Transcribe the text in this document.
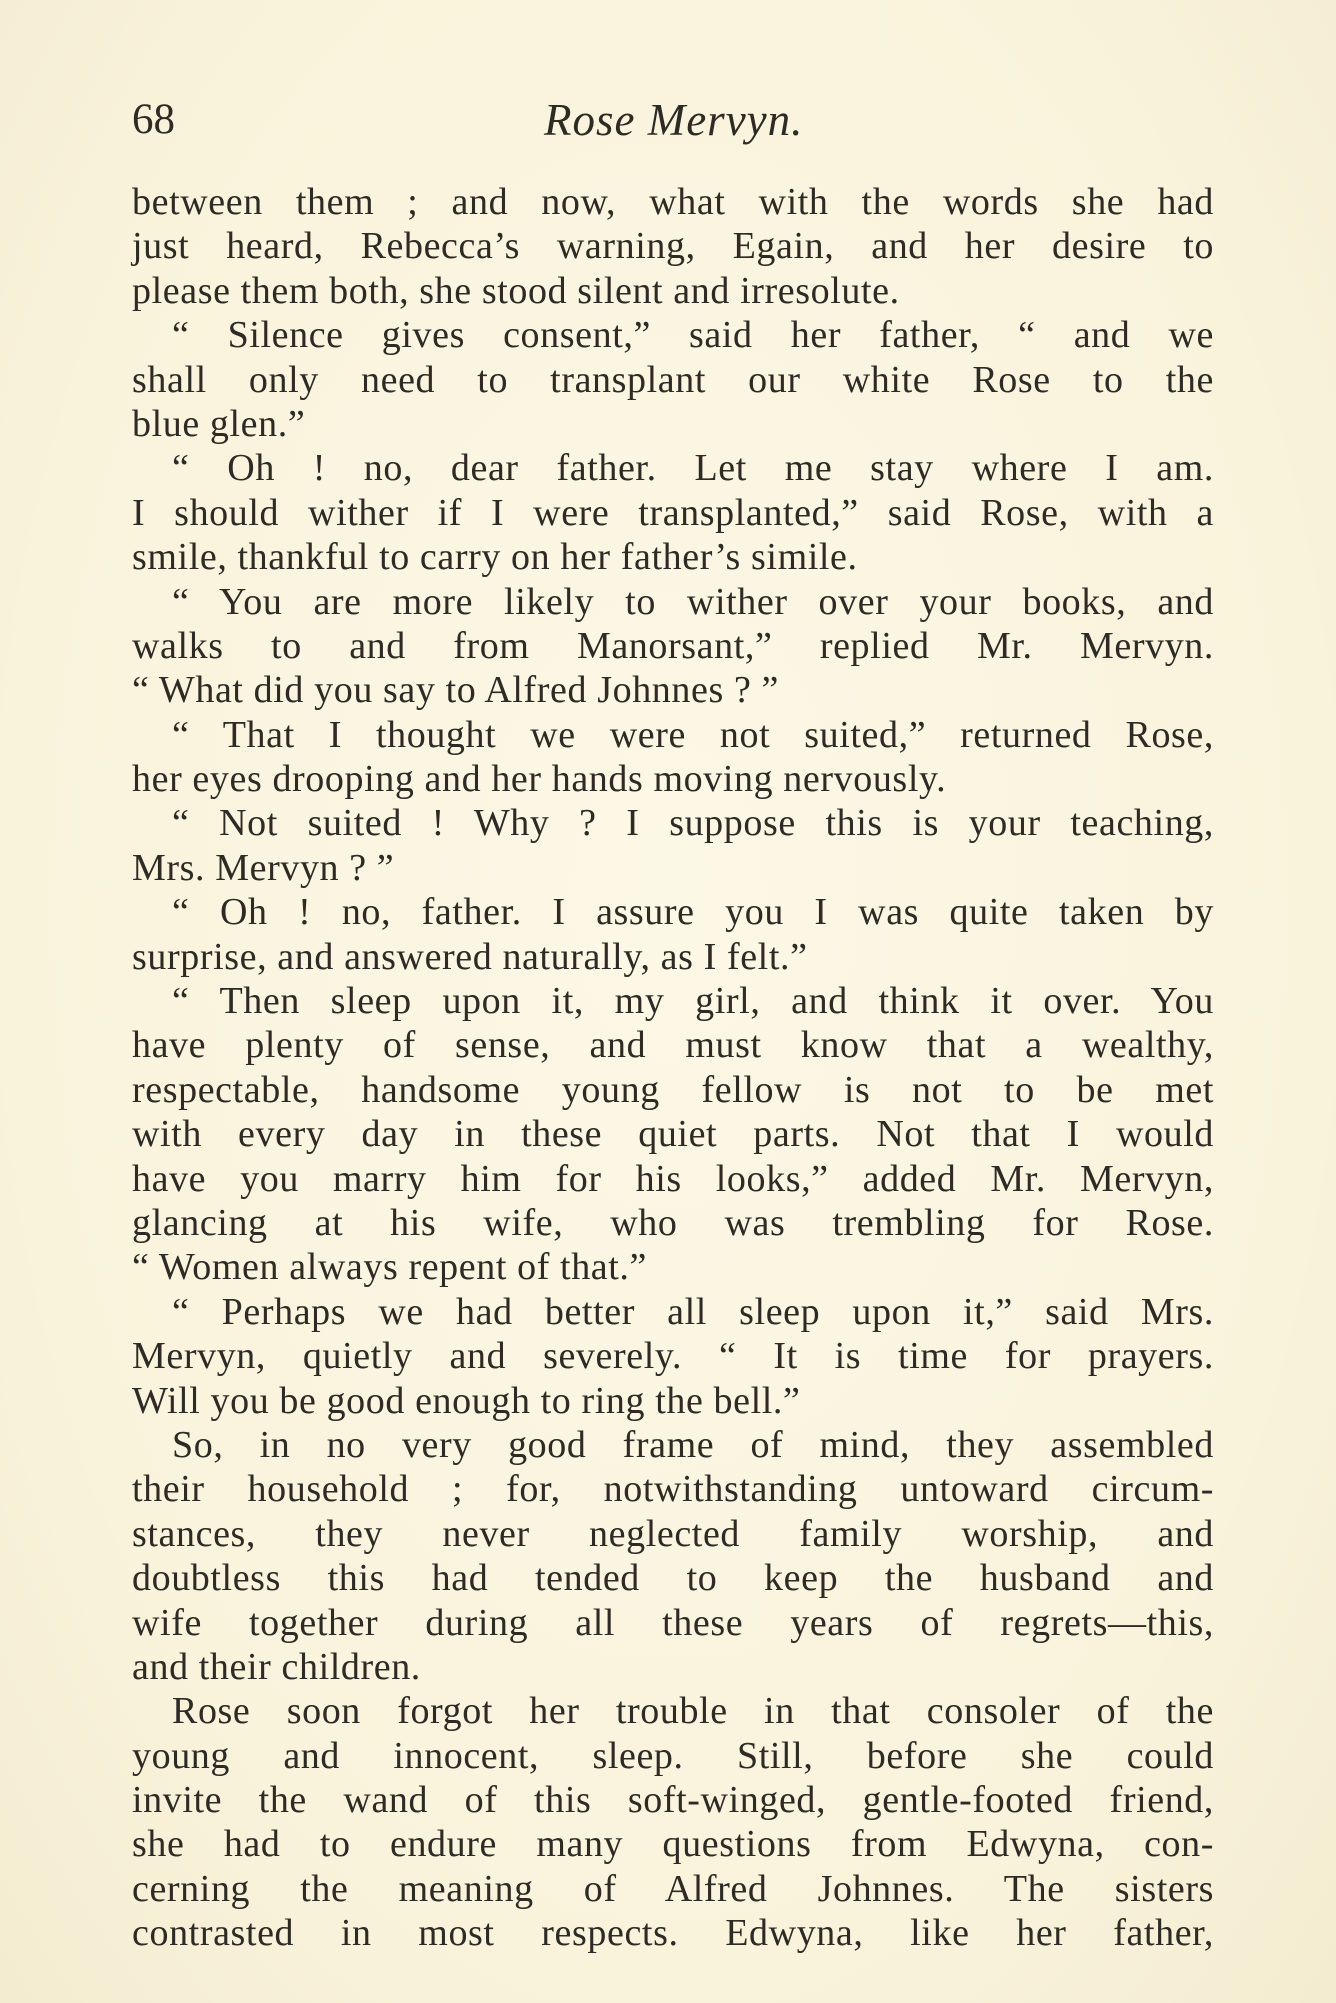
68	Rose Mervyn.
between them ; and now, what with the words she had
just heard, Rebecca’s warning, Egain, and her desire to
please them both, she stood silent and irresolute.
“ Silence gives consent,” said her father, “ and we
shall only need to transplant our white Rose to the
blue glen.”
“ Oh ! no, dear father. Let me stay where I am.
I should wither if I were transplanted,” said Rose, with a
smile, thankful to carry on her father’s simile.
“ You are more likely to wither over your books, and
walks to and from Manorsant,” replied Mr. Mervyn.
“ What did you say to Alfred Johnnes ? ”
“ That I thought we were not suited,” returned Rose,
her eyes drooping and her hands moving nervously.
“ Not suited ! Why ? I suppose this is your teaching,
Mrs. Mervyn ? ”
“ Oh ! no, father. I assure you I was quite taken by
surprise, and answered naturally, as I felt.”
“ Then sleep upon it, my girl, and think it over. You
have plenty of sense, and must know that a wealthy,
respectable, handsome young fellow is not to be met
with every day in these quiet parts. Not that I would
have you marry him for his looks,” added Mr. Mervyn,
glancing at his wife, who was trembling for Rose.
“ Women always repent of that.”
“ Perhaps we had better all sleep upon it,” said Mrs.
Mervyn, quietly and severely. “ It is time for prayers.
Will you be good enough to ring the bell.”
So, in no very good frame of mind, they assembled
their household ; for, notwithstanding untoward circum-
stances, they never neglected family worship, and
doubtless this had tended to keep the husband and
wife together during all these years of regrets—this,
and their children.
Rose soon forgot her trouble in that consoler of the
young and innocent, sleep. Still, before she could
invite the wand of this soft-winged, gentle-footed friend,
she had to endure many questions from Edwyna, con-
cerning the meaning of Alfred Johnnes. The sisters
contrasted in most respects. Edwyna, like her father,
